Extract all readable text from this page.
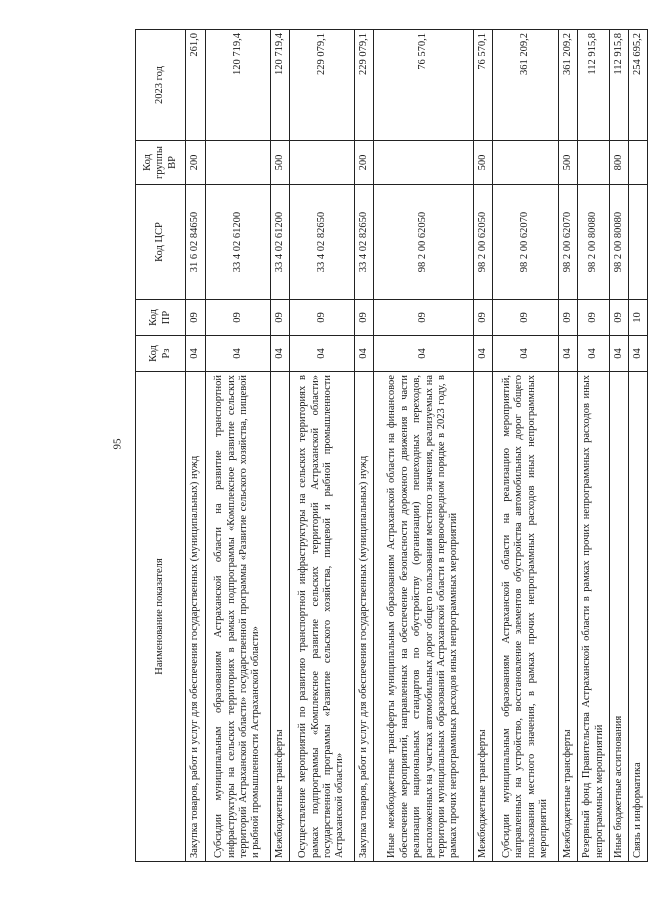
95
Наименование показателя	Код Рз	Код ПР	Код ЦСР	Код группы ВР	2023 год
Закупка товаров, работ и услуг для обеспечения государственных (муниципальных) нужд	04	09	31 6 02 84650	200	261,0
Субсидии муниципальным образованиям Астраханской области на развитие транспортной инфраструктуры на сельских территориях в рамках подпрограммы «Комплексное развитие сельских территорий Астраханской области» государственной программы «Развитие сельского хозяйства, пищевой и рыбной промышленности Астраханской области»	04	09	33 4 02 61200		120 719,4
Межбюджетные трансферты	04	09	33 4 02 61200	500	120 719,4
Осуществление мероприятий по развитию транспортной инфраструктуры на сельских территориях в рамках подпрограммы «Комплексное развитие сельских территорий Астраханской области» государственной программы «Развитие сельского хозяйства, пищевой и рыбной промышленности Астраханской области»	04	09	33 4 02 82650		229 079,1
Закупка товаров, работ и услуг для обеспечения государственных (муниципальных) нужд	04	09	33 4 02 82650	200	229 079,1
Иные межбюджетные трансферты муниципальным образованиям Астраханской области на финансовое обеспечение мероприятий, направленных на обеспечение безопасности дорожного движения в части реализации национальных стандартов по обустройству (организации) пешеходных переходов, расположенных на участках автомобильных дорог общего пользования местного значения, реализуемых на территории муниципальных образований Астраханской области в первоочередном порядке в 2023 году, в рамках прочих непрограммных расходов иных непрограммных мероприятий	04	09	98 2 00 62050		76 570,1
Межбюджетные трансферты	04	09	98 2 00 62050	500	76 570,1
Субсидии муниципальным образованиям Астраханской области на реализацию мероприятий, направленных на устройство, восстановление элементов обустройства автомобильных дорог общего пользования местного значения, в рамках прочих непрограммных расходов иных непрограммных мероприятий	04	09	98 2 00 62070		361 209,2
Межбюджетные трансферты	04	09	98 2 00 62070	500	361 209,2
Резервный фонд Правительства Астраханской области в рамках прочих непрограммных расходов иных непрограммных мероприятий	04	09	98 2 00 80080		112 915,8
Иные бюджетные ассигнования	04	09	98 2 00 80080	800	112 915,8
Связь и информатика	04	10			254 695,2
